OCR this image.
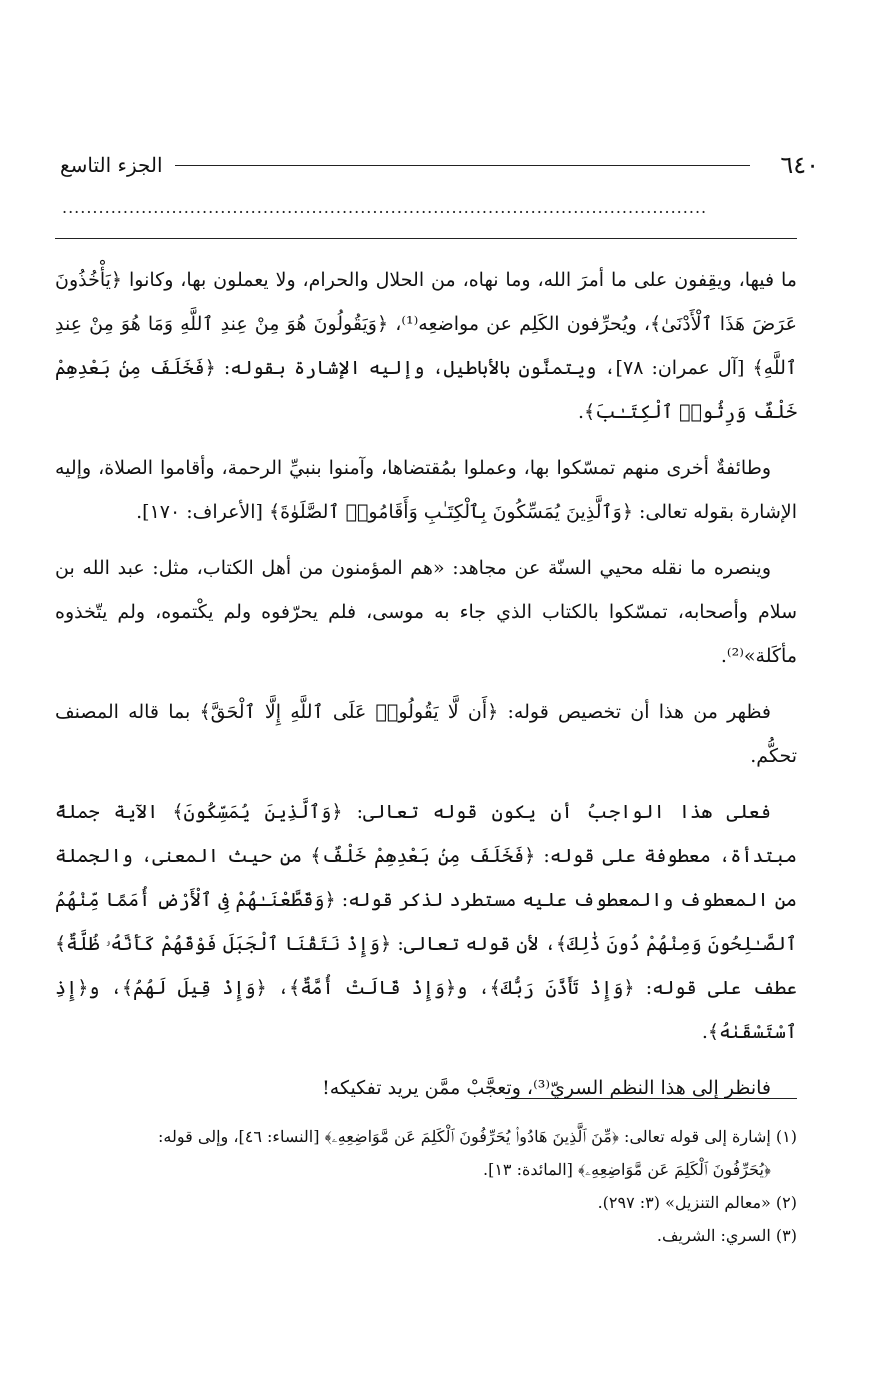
٦٤٠
الجزء التاسع
..........................................................................................................

ما فيها، ويقِفون على ما أمرَ الله، وما نهاه، من الحلال والحرام، ولا يعملون بها، وكانوا ﴿يَأْخُذُونَ عَرَضَ هَذَا ٱلْأَدْنَىٰ﴾، ويُحرِّفون الكَلِم عن مواضعِه⁽¹⁾، ﴿وَيَقُولُونَ هُوَ مِنْ عِندِ ٱللَّهِ وَمَا هُوَ مِنْ عِندِ ٱللَّهِ﴾ [آل عمران: ٧٨]، ويتمنَّون بالأباطيل، وإليه الإشارة بقوله: ﴿فَخَلَفَ مِنۢ بَعْدِهِمْ خَلْفٌ وَرِثُوا۟ ٱلْكِتَـٰبَ﴾.

وطائفةٌ أخرى منهم تمسّكوا بها، وعملوا بمُقتضاها، وآمنوا بنبيِّ الرحمة، وأقاموا الصلاة، وإليه الإشارة بقوله تعالى: ﴿وَٱلَّذِينَ يُمَسِّكُونَ بِٱلْكِتَـٰبِ وَأَقَامُوا۟ ٱلصَّلَوٰةَ﴾ [الأعراف: ١٧٠].

وينصره ما نقله محيي السنّة عن مجاهد: «هم المؤمنون من أهل الكتاب، مثل: عبد الله بن سلام وأصحابه، تمسّكوا بالكتاب الذي جاء به موسى، فلم يحرّفوه ولم يكْتموه، ولم يتّخذوه مأكَلة»⁽²⁾.

فظهر من هذا أن تخصيص قوله: ﴿أَن لَّا يَقُولُوا۟ عَلَى ٱللَّهِ إِلَّا ٱلْحَقَّ﴾ بما قاله المصنف تحكُّم.

فعلى هذا الواجبُ أن يكون قوله تعالى: ﴿وَٱلَّذِينَ يُمَسِّكُونَ﴾ الآية جملةً مبتدأة، معطوفة على قوله: ﴿فَخَلَفَ مِنۢ بَعْدِهِمْ خَلْفٌ﴾ من حيث المعنى، والجملة من المعطوف والمعطوف عليه مستطرد لذكر قوله: ﴿وَقَطَّعْنَـٰهُمْ فِى ٱلْأَرْضِ أُمَمًا مِّنْهُمُ ٱلصَّـٰلِحُونَ وَمِنْهُمْ دُونَ ذَٰلِكَ﴾، لأن قوله تعالى: ﴿وَإِذْ نَتَقْنَا ٱلْجَبَلَ فَوْقَهُمْ كَأَنَّهُۥ ظُلَّةٌ﴾ عطف على قوله: ﴿وَإِذْ تَأَذَّنَ رَبُّكَ﴾، و﴿وَإِذْ قَالَتْ أُمَّةٌ﴾، ﴿وَإِذْ قِيلَ لَهُمُ﴾، و﴿إِذِ ٱسْتَسْقَىٰهُ﴾.

فانظر إلى هذا النظم السريّ⁽³⁾، وتعجَّبْ ممَّن يريد تفكيكه!

(١) إشارة إلى قوله تعالى: ﴿مِّنَ ٱلَّذِينَ هَادُوا۟ يُحَرِّفُونَ ٱلْكَلِمَ عَن مَّوَاضِعِهِۦ﴾ [النساء: ٤٦]، وإلى قوله:

﴿يُحَرِّفُونَ ٱلْكَلِمَ عَن مَّوَاضِعِهِۦ﴾ [المائدة: ١٣].

(٢) «معالم التنزيل» (٣: ٢٩٧).

(٣) السري: الشريف.
